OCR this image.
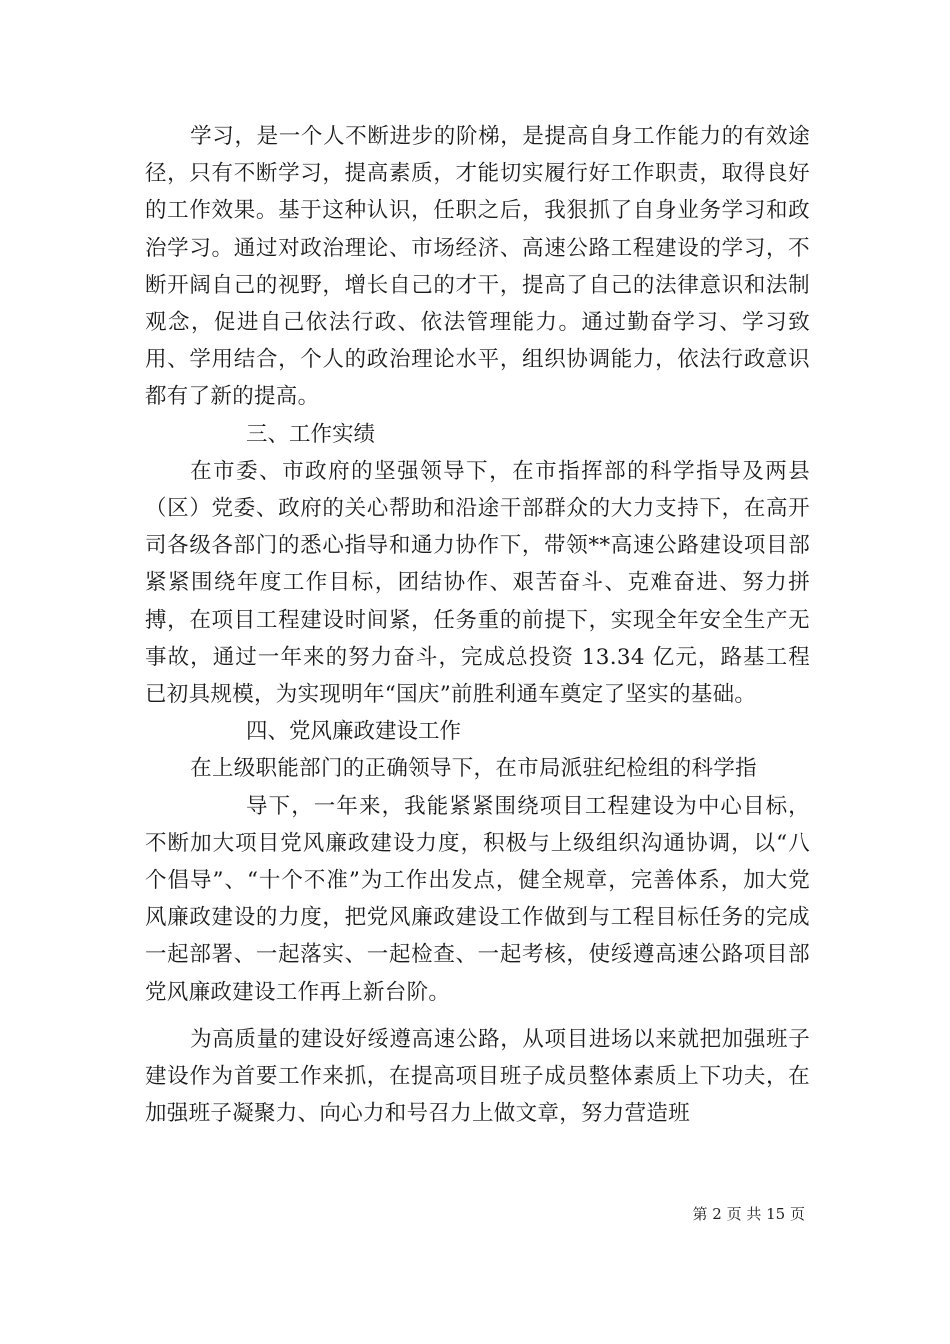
学习，是一个人不断进步的阶梯，是提高自身工作能力的有效途径，只有不断学习，提高素质，才能切实履行好工作职责，取得良好的工作效果。基于这种认识，任职之后，我狠抓了自身业务学习和政治学习。通过对政治理论、市场经济、高速公路工程建设的学习，不断开阔自己的视野，增长自己的才干，提高了自己的法律意识和法制观念，促进自己依法行政、依法管理能力。通过勤奋学习、学习致用、学用结合，个人的政治理论水平，组织协调能力，依法行政意识都有了新的提高。

三、工作实绩

在市委、市政府的坚强领导下，在市指挥部的科学指导及两县（区）党委、政府的关心帮助和沿途干部群众的大力支持下，在高开司各级各部门的悉心指导和通力协作下，带领**高速公路建设项目部紧紧围绕年度工作目标，团结协作、艰苦奋斗、克难奋进、努力拼搏，在项目工程建设时间紧，任务重的前提下，实现全年安全生产无事故，通过一年来的努力奋斗，完成总投资 13.34 亿元，路基工程已初具规模，为实现明年“国庆”前胜利通车奠定了坚实的基础。

四、党风廉政建设工作

在上级职能部门的正确领导下，在市局派驻纪检组的科学指

导下，一年来，我能紧紧围绕项目工程建设为中心目标，不断加大项目党风廉政建设力度，积极与上级组织沟通协调，以“八个倡导”、“十个不准”为工作出发点，健全规章，完善体系，加大党风廉政建设的力度，把党风廉政建设工作做到与工程目标任务的完成一起部署、一起落实、一起检查、一起考核，使绥遵高速公路项目部党风廉政建设工作再上新台阶。

为高质量的建设好绥遵高速公路，从项目进场以来就把加强班子建设作为首要工作来抓，在提高项目班子成员整体素质上下功夫，在加强班子凝聚力、向心力和号召力上做文章，努力营造班

第 2 页 共 15 页
